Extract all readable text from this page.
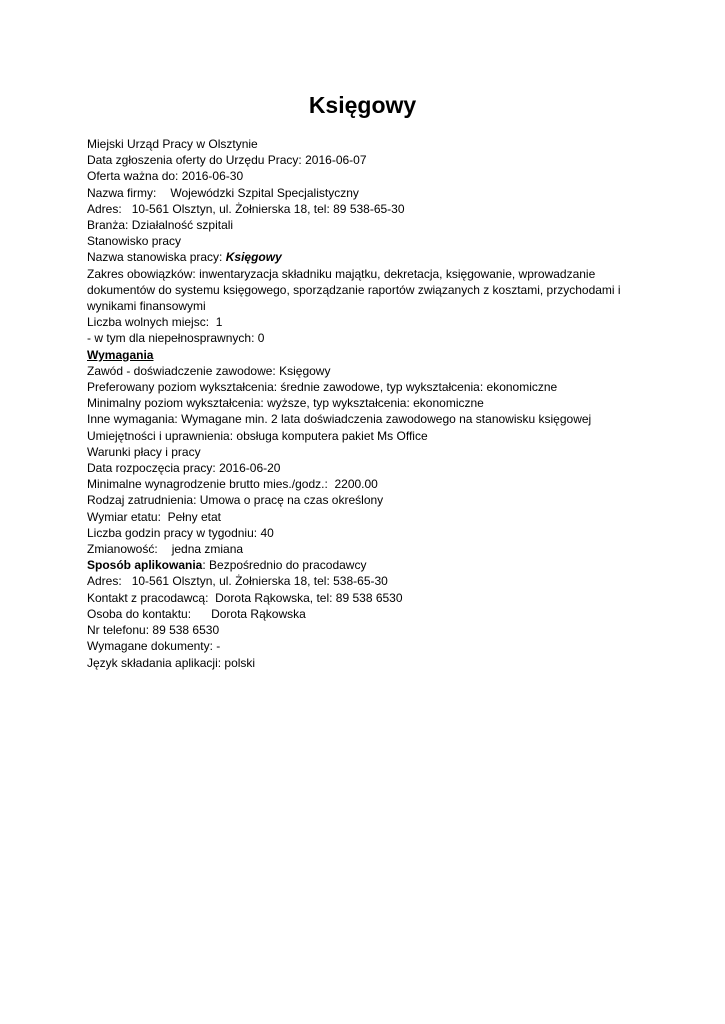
Księgowy
Miejski Urząd Pracy w Olsztynie
Data zgłoszenia oferty do Urzędu Pracy: 2016-06-07
Oferta ważna do: 2016-06-30
Nazwa firmy: Wojewódzki Szpital Specjalistyczny
Adres: 10-561 Olsztyn, ul. Żołnierska 18, tel: 89 538-65-30
Branża: Działalność szpitali
Stanowisko pracy
Nazwa stanowiska pracy: Księgowy
Zakres obowiązków: inwentaryzacja składniku majątku, dekretacja, księgowanie, wprowadzanie dokumentów do systemu księgowego, sporządzanie raportów związanych z kosztami, przychodami i wynikami finansowymi
Liczba wolnych miejsc: 1
- w tym dla niepełnosprawnych: 0
Wymagania
Zawód - doświadczenie zawodowe: Księgowy
Preferowany poziom wykształcenia: średnie zawodowe, typ wykształcenia: ekonomiczne
Minimalny poziom wykształcenia: wyższe, typ wykształcenia: ekonomiczne
Inne wymagania: Wymagane min. 2 lata doświadczenia zawodowego na stanowisku księgowej
Umiejętności i uprawnienia: obsługa komputera pakiet Ms Office
Warunki płacy i pracy
Data rozpoczęcia pracy: 2016-06-20
Minimalne wynagrodzenie brutto mies./godz.: 2200.00
Rodzaj zatrudnienia: Umowa o pracę na czas określony
Wymiar etatu: Pełny etat
Liczba godzin pracy w tygodniu: 40
Zmianowość: jedna zmiana
Sposób aplikowania: Bezpośrednio do pracodawcy
Adres: 10-561 Olsztyn, ul. Żołnierska 18, tel: 538-65-30
Kontakt z pracodawcą: Dorota Rąkowska, tel: 89 538 6530
Osoba do kontaktu: Dorota Rąkowska
Nr telefonu: 89 538 6530
Wymagane dokumenty: -
Język składania aplikacji: polski
